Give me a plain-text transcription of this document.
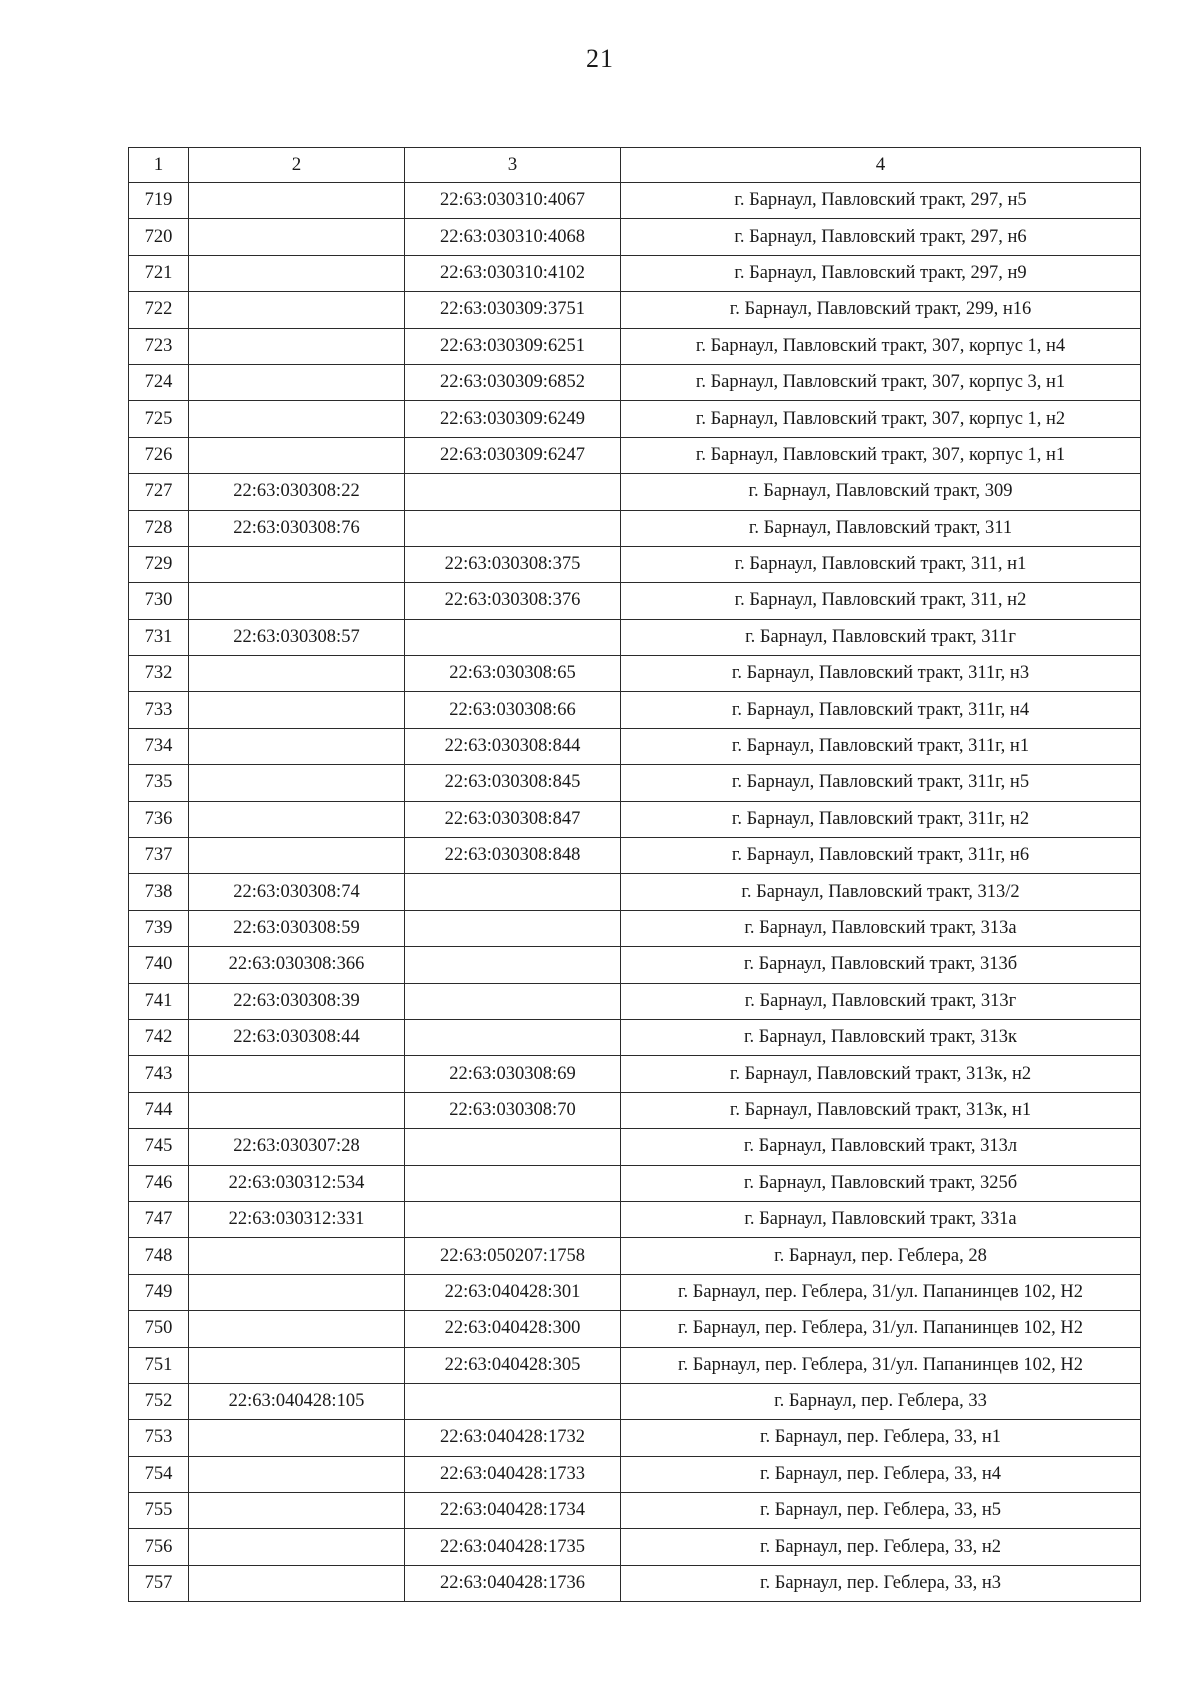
21
1	2	3	4
719		22:63:030310:4067	г. Барнаул, Павловский тракт, 297, н5
720		22:63:030310:4068	г. Барнаул, Павловский тракт, 297, н6
721		22:63:030310:4102	г. Барнаул, Павловский тракт, 297, н9
722		22:63:030309:3751	г. Барнаул, Павловский тракт, 299, н16
723		22:63:030309:6251	г. Барнаул, Павловский тракт, 307, корпус 1, н4
724		22:63:030309:6852	г. Барнаул, Павловский тракт, 307, корпус 3, н1
725		22:63:030309:6249	г. Барнаул, Павловский тракт, 307, корпус 1, н2
726		22:63:030309:6247	г. Барнаул, Павловский тракт, 307, корпус 1, н1
727	22:63:030308:22		г. Барнаул, Павловский тракт, 309
728	22:63:030308:76		г. Барнаул, Павловский тракт, 311
729		22:63:030308:375	г. Барнаул, Павловский тракт, 311, н1
730		22:63:030308:376	г. Барнаул, Павловский тракт, 311, н2
731	22:63:030308:57		г. Барнаул, Павловский тракт, 311г
732		22:63:030308:65	г. Барнаул, Павловский тракт, 311г, н3
733		22:63:030308:66	г. Барнаул, Павловский тракт, 311г, н4
734		22:63:030308:844	г. Барнаул, Павловский тракт, 311г, н1
735		22:63:030308:845	г. Барнаул, Павловский тракт, 311г, н5
736		22:63:030308:847	г. Барнаул, Павловский тракт, 311г, н2
737		22:63:030308:848	г. Барнаул, Павловский тракт, 311г, н6
738	22:63:030308:74		г. Барнаул, Павловский тракт, 313/2
739	22:63:030308:59		г. Барнаул, Павловский тракт, 313а
740	22:63:030308:366		г. Барнаул, Павловский тракт, 313б
741	22:63:030308:39		г. Барнаул, Павловский тракт, 313г
742	22:63:030308:44		г. Барнаул, Павловский тракт, 313к
743		22:63:030308:69	г. Барнаул, Павловский тракт, 313к, н2
744		22:63:030308:70	г. Барнаул, Павловский тракт, 313к, н1
745	22:63:030307:28		г. Барнаул, Павловский тракт, 313л
746	22:63:030312:534		г. Барнаул, Павловский тракт, 325б
747	22:63:030312:331		г. Барнаул, Павловский тракт, 331а
748		22:63:050207:1758	г. Барнаул, пер. Геблера, 28
749		22:63:040428:301	г. Барнаул, пер. Геблера, 31/ул. Папанинцев 102, Н2
750		22:63:040428:300	г. Барнаул, пер. Геблера, 31/ул. Папанинцев 102, Н2
751		22:63:040428:305	г. Барнаул, пер. Геблера, 31/ул. Папанинцев 102, Н2
752	22:63:040428:105		г. Барнаул, пер. Геблера, 33
753		22:63:040428:1732	г. Барнаул, пер. Геблера, 33, н1
754		22:63:040428:1733	г. Барнаул, пер. Геблера, 33, н4
755		22:63:040428:1734	г. Барнаул, пер. Геблера, 33, н5
756		22:63:040428:1735	г. Барнаул, пер. Геблера, 33, н2
757		22:63:040428:1736	г. Барнаул, пер. Геблера, 33, н3
